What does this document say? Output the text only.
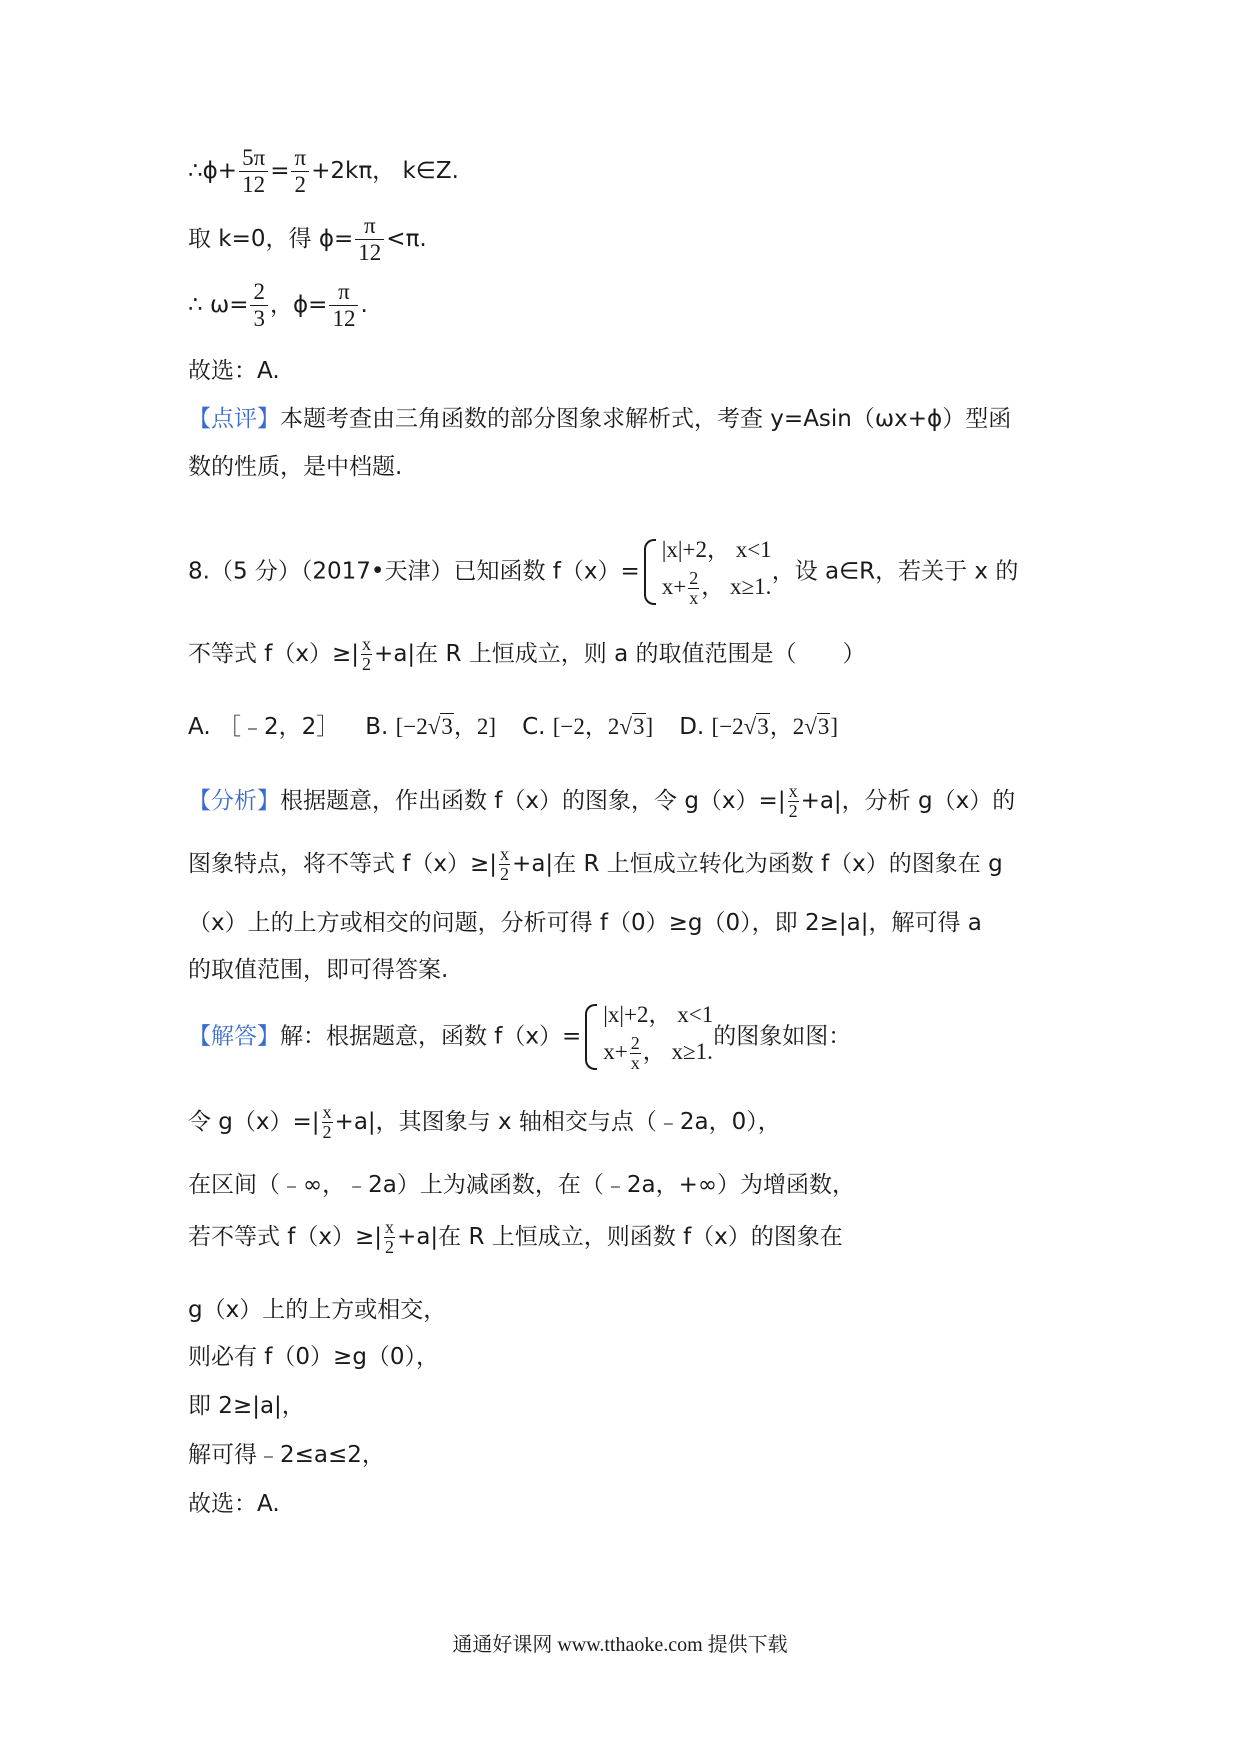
∴ϕ+ $\frac{5\pi}{12} = \frac{\pi}{2} +2k\pi$， k∈Z.
取 k=0，得 $\phi= \frac{\pi}{12} <\pi$.
∴ $\omega= \frac{2}{3}$ ，$\phi= \frac{\pi}{12}$ .
故选：A.
【点评】本题考查由三角函数的部分图象求解析式，考查 y=Asin（ωx+ϕ）型函
数的性质，是中档题.
8.（5 分）（2017•天津）已知函数 f（x）=
|x|+2， x<1
$x+ \frac{2}{x}$ ， x≥1.
，设 a∈R，若关于 x 的
不等式 $f(x)\ge| \frac{x}{2} +a|$在 R 上恒成立，则 a 的取值范围是（　　）
A. ［﹣2，2］ B. [−2√3，2] C. [−2，2√3] D. [−2√3，2√3]
【分析】根据题意，作出函数 f（x）的图象，令 $g(x)=| \frac{x}{2} +a|$，分析 g（x）的
图象特点，将不等式 $f(x)\ge| \frac{x}{2} +a|$在 R 上恒成立转化为函数 f（x）的图象在 g
（x）上的上方或相交的问题，分析可得 f（0）≥g（0），即 2≥|a|，解可得 a
的取值范围，即可得答案.
【解答】解：根据题意，函数 f（x）=
|x|+2， x<1
$x+ \frac{2}{x}$ ， x≥1.
的图象如图：
令 $g(x)=| \frac{x}{2} +a|$，其图象与 x 轴相交与点（﹣2a，0），
在区间（﹣∞，﹣2a）上为减函数，在（﹣2a，+∞）为增函数，
若不等式 $f(x)\ge| \frac{x}{2} +a|$在 R 上恒成立，则函数 f（x）的图象在
g（x）上的上方或相交，
则必有 f（0）≥g（0），
即 2≥|a|，
解可得﹣2≤a≤2，
故选：A.
通通好课网 www.tthaoke.com 提供下载
